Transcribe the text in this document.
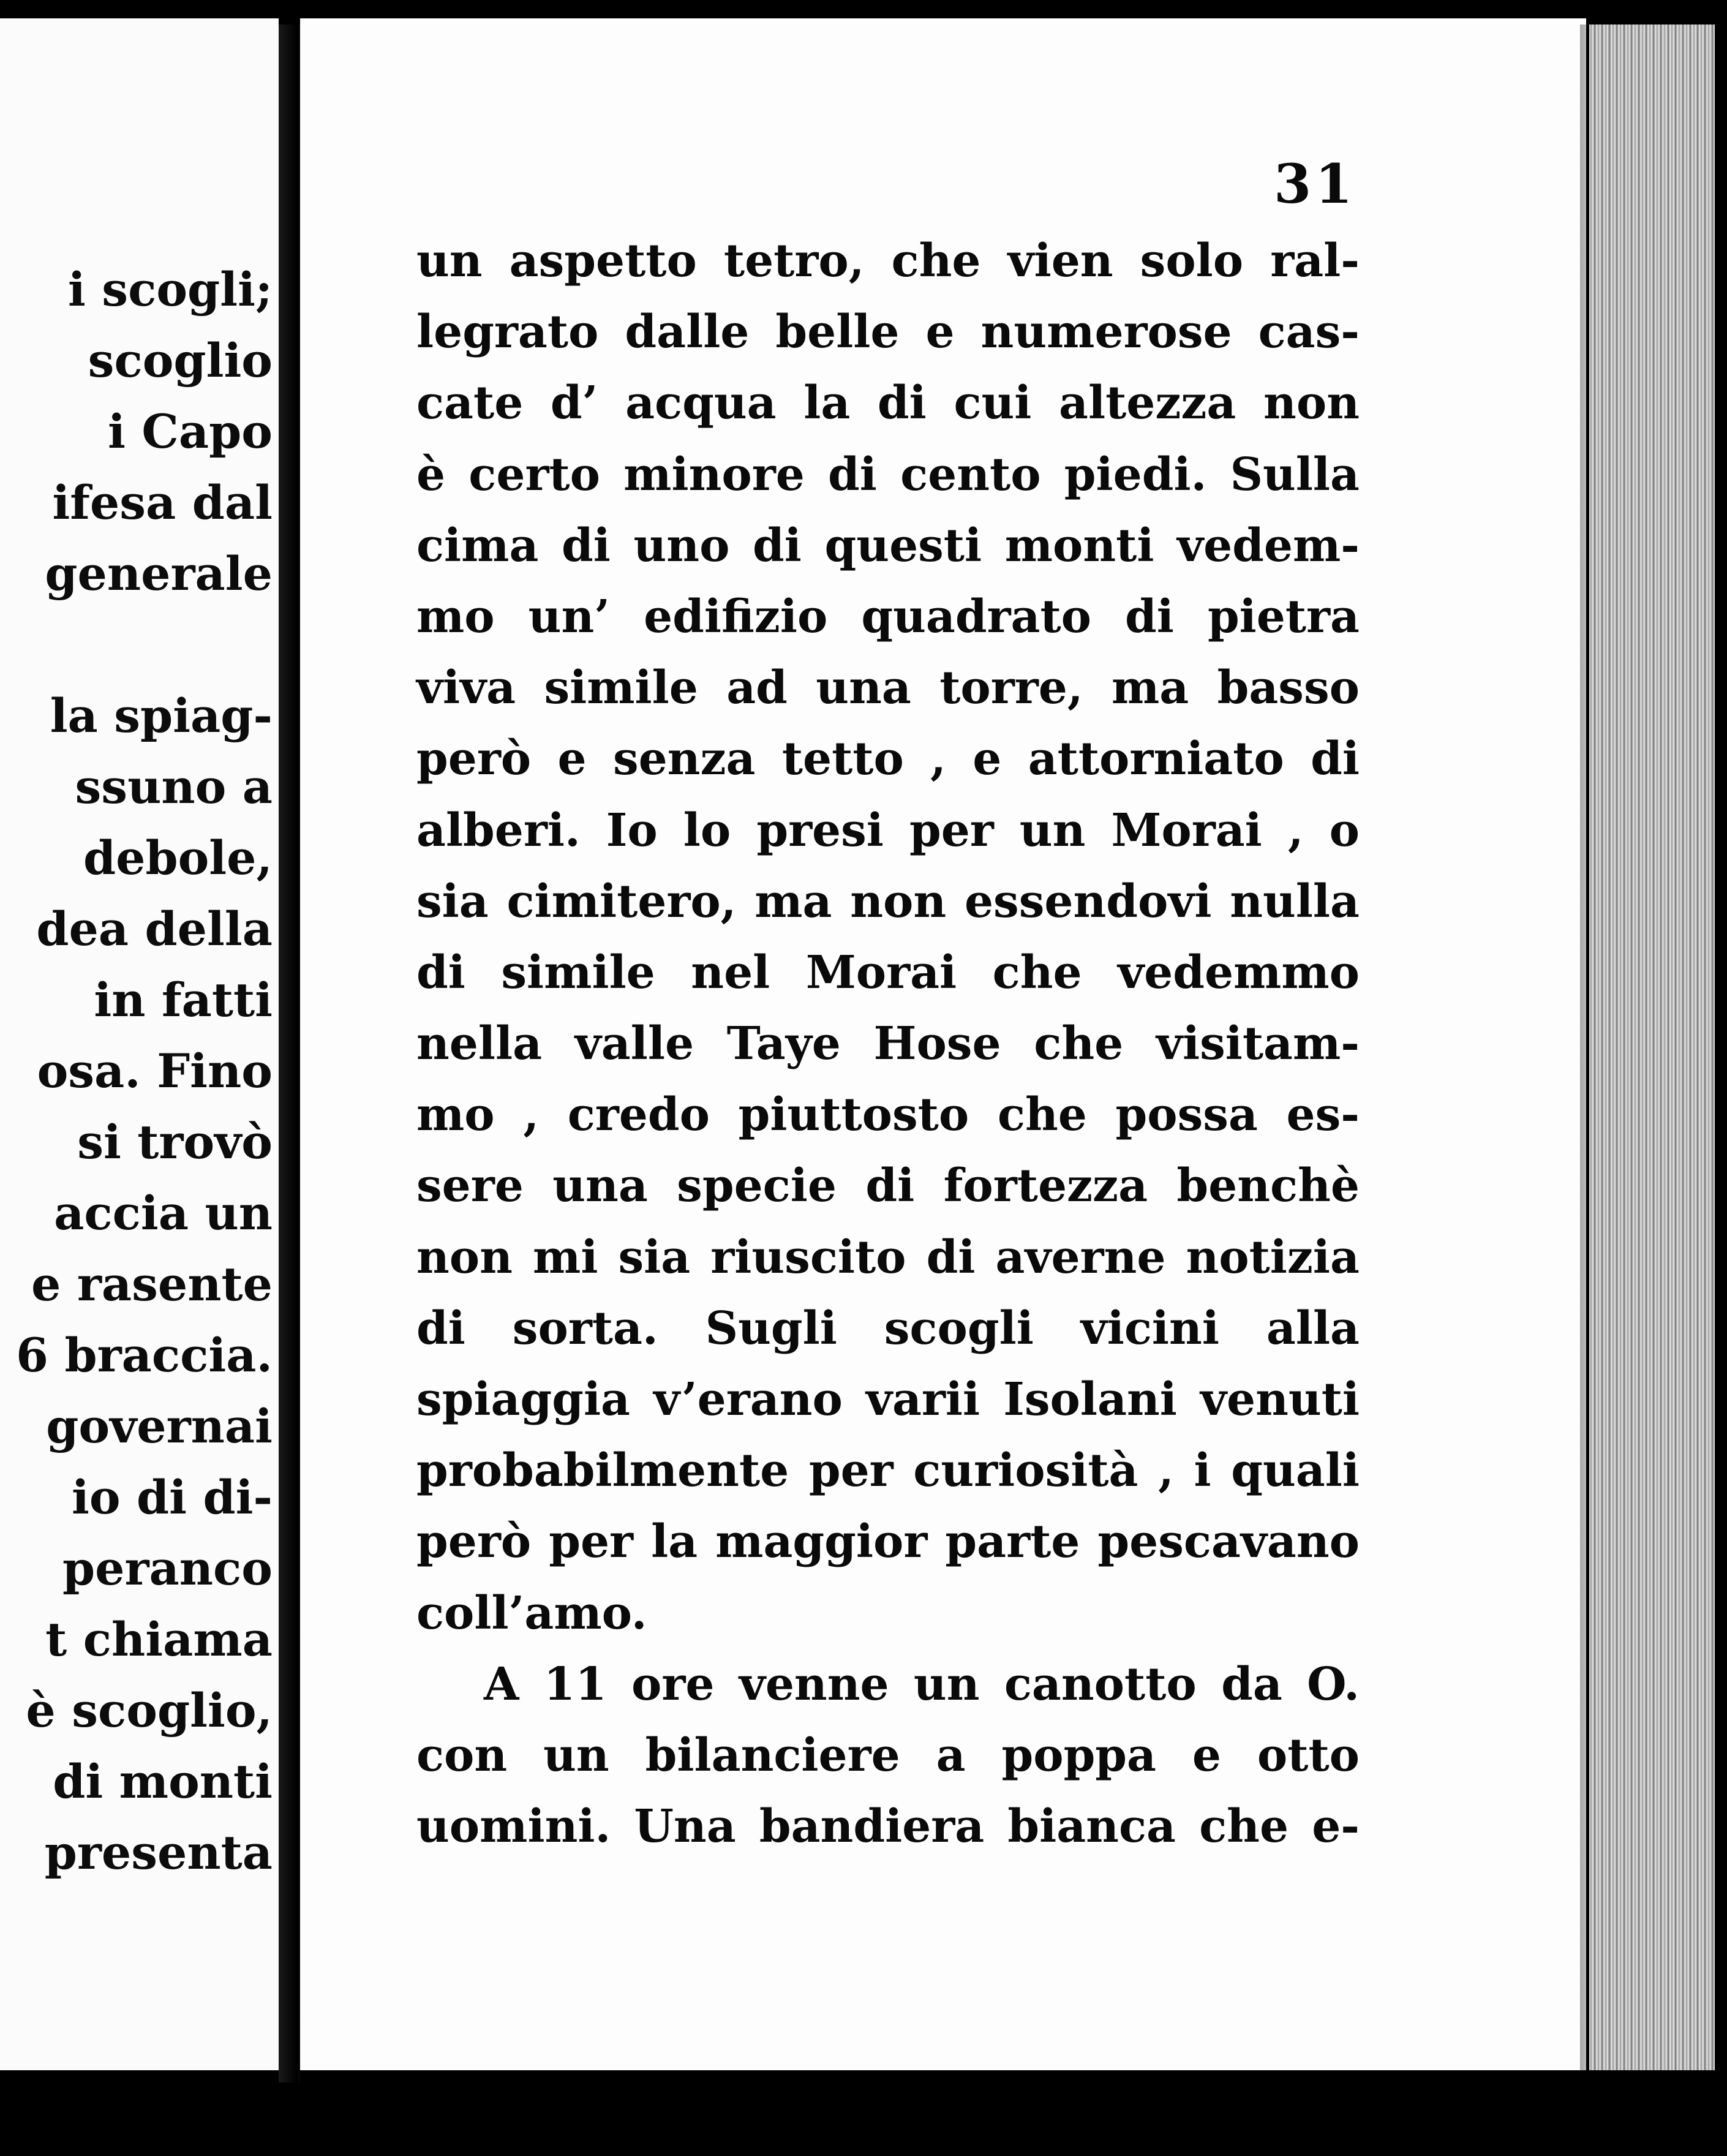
i scogli;
scoglio
i Capo
ifesa dal
generale
la spiag-
ssuno a
debole,
dea della
in fatti
osa. Fino
si trovò
accia un
e rasente
6 braccia.
governai
io di di-
peranco
t chiama
è scoglio,
di monti
presenta
31
un aspetto tetro, che vien solo ral-
legrato dalle belle e numerose cas-
cate d’ acqua la di cui altezza non
è certo minore di cento piedi. Sulla
cima di uno di questi monti vedem-
mo un’ edifizio quadrato di pietra
viva simile ad una torre, ma basso
però e senza tetto , e attorniato di
alberi. Io lo presi per un Morai , o
sia cimitero, ma non essendovi nulla
di simile nel Morai che vedemmo
nella valle Taye Hose che visitam-
mo , credo piuttosto che possa es-
sere una specie di fortezza benchè
non mi sia riuscito di averne notizia
di sorta. Sugli scogli vicini alla
spiaggia v’erano varii Isolani venuti
probabilmente per curiosità , i quali
però per la maggior parte pescavano
coll’amo.
A 11 ore venne un canotto da O.
con un bilanciere a poppa e otto
uomini. Una bandiera bianca che e-
